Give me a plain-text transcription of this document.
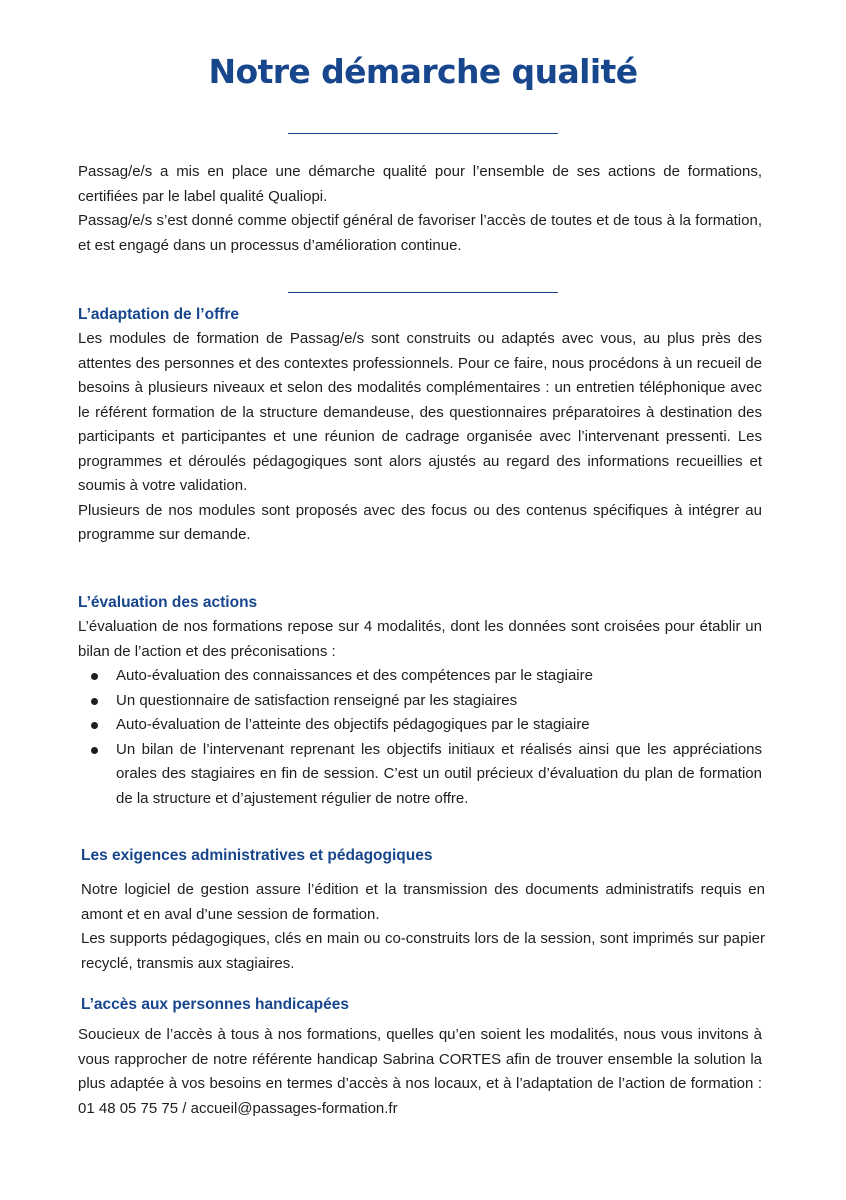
Notre démarche qualité

Passag/e/s a mis en place une démarche qualité pour l’ensemble de ses actions de formations, certifiées par le label qualité Qualiopi.

Passag/e/s s’est donné comme objectif général de favoriser l’accès de toutes et de tous à la formation, et est engagé dans un processus d’amélioration continue.

L’adaptation de l’offre

Les modules de formation de Passag/e/s sont construits ou adaptés avec vous, au plus près des attentes des personnes et des contextes professionnels. Pour ce faire, nous procédons à un recueil de besoins à plusieurs niveaux et selon des modalités complémentaires : un entretien téléphonique avec le référent formation de la structure demandeuse, des questionnaires préparatoires à destination des participants et participantes et une réunion de cadrage organisée avec l’intervenant pressenti. Les programmes et déroulés pédagogiques sont alors ajustés au regard des informations recueillies et soumis à votre validation.

Plusieurs de nos modules sont proposés avec des focus ou des contenus spécifiques à intégrer au programme sur demande.

L’évaluation des actions

L’évaluation de nos formations repose sur 4 modalités, dont les données sont croisées pour établir un bilan de l’action et des préconisations :

Auto-évaluation des connaissances et des compétences par le stagiaire
Un questionnaire de satisfaction renseigné par les stagiaires
Auto-évaluation de l’atteinte des objectifs pédagogiques par le stagiaire
Un bilan de l’intervenant reprenant les objectifs initiaux et réalisés ainsi que les appréciations orales des stagiaires en fin de session. C’est un outil précieux d’évaluation du plan de formation de la structure et d’ajustement régulier de notre offre.
Les exigences administratives et pédagogiques

Notre logiciel de gestion assure l’édition et la transmission des documents administratifs requis en amont et en aval d’une session de formation.

Les supports pédagogiques, clés en main ou co-construits lors de la session, sont imprimés sur papier recyclé, transmis aux stagiaires.

L’accès aux personnes handicapées

Soucieux de l’accès à tous à nos formations, quelles qu’en soient les modalités, nous vous invitons à vous rapprocher de notre référente handicap Sabrina CORTES afin de trouver ensemble la solution la plus adaptée à vos besoins en termes d’accès à nos locaux, et à l’adaptation de l’action de formation : 01 48 05 75 75 / accueil@passages-formation.fr
